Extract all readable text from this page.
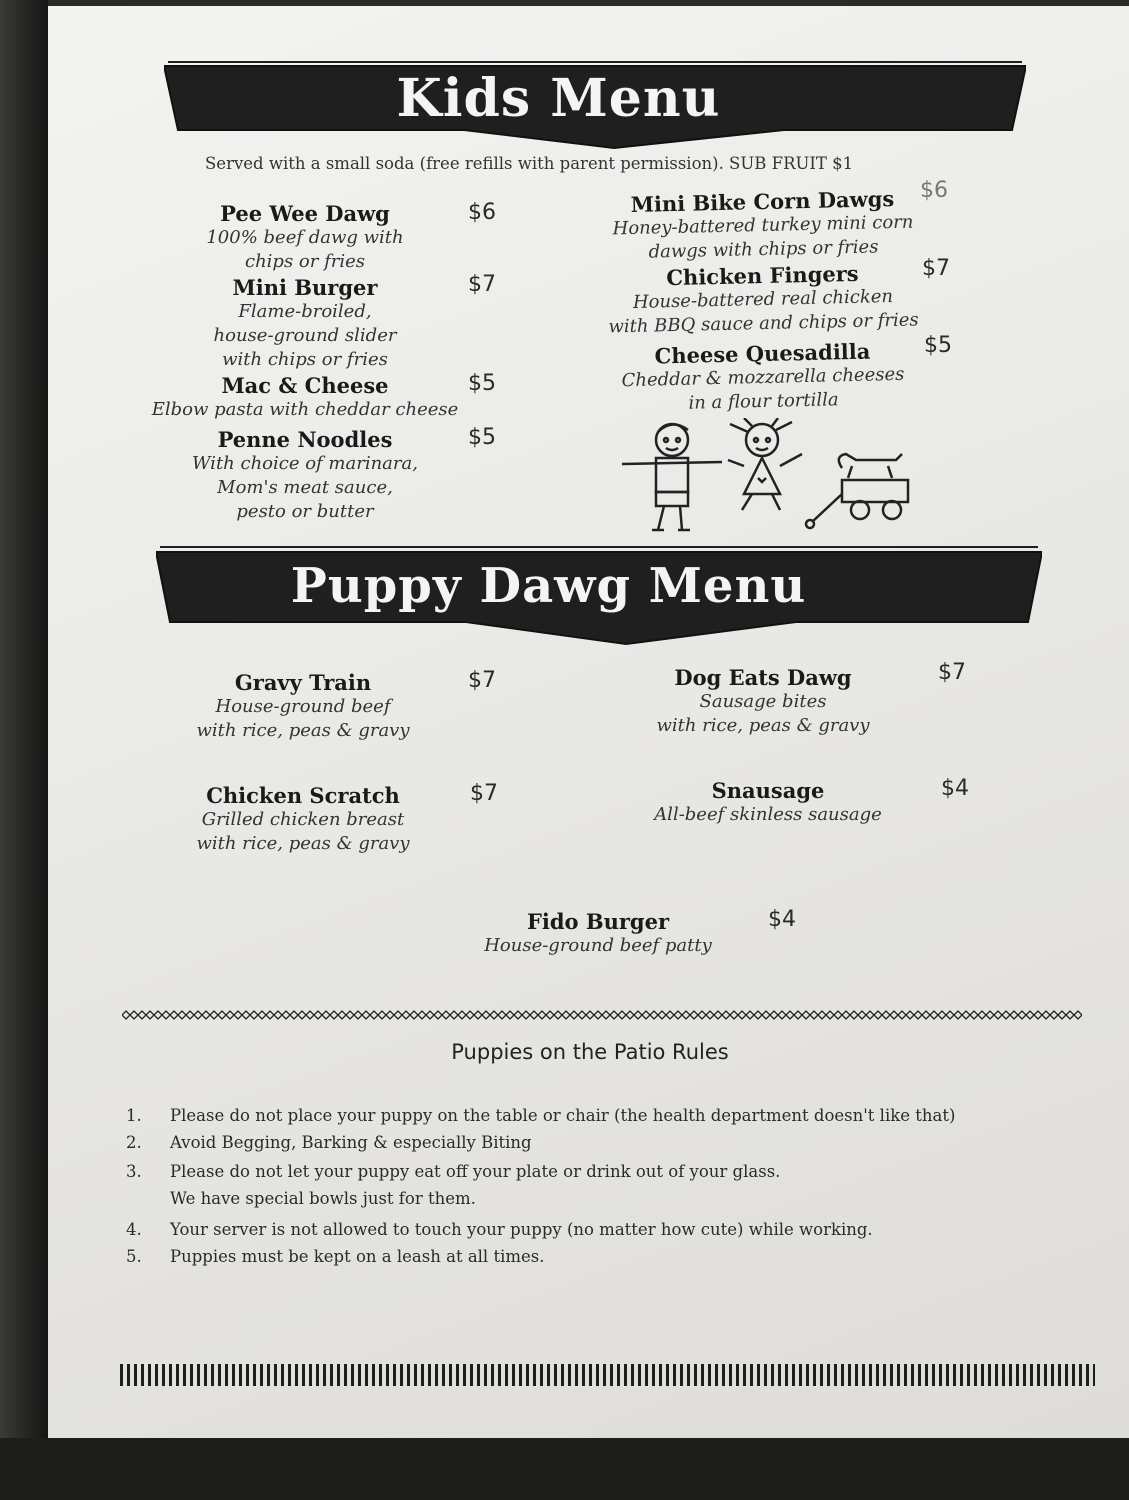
Kids Menu
Served with a small soda (free refills with parent permission). SUB FRUIT $1
Pee Wee Dawg
100% beef dawg with
chips or fries
$6
Mini Burger
Flame-broiled,
house-ground slider
with chips or fries
$7
Mac & Cheese
Elbow pasta with cheddar cheese
$5
Penne Noodles
With choice of marinara,
Mom's meat sauce,
pesto or butter
$5
Mini Bike Corn Dawgs
Honey-battered turkey mini corn
dawgs with chips or fries
$6
Chicken Fingers
House-battered real chicken
with BBQ sauce and chips or fries
$7
Cheese Quesadilla
Cheddar & mozzarella cheeses
in a flour tortilla
$5
Puppy Dawg Menu
Gravy Train
House-ground beef
with rice, peas & gravy
$7	Dog Eats Dawg
Sausage bites
with rice, peas & gravy
$7
Chicken Scratch
Grilled chicken breast
with rice, peas & gravy
$7	Snausage
All-beef skinless sausage
$4
Fido Burger
House-ground beef patty
$4
Puppies on the Patio Rules
1. Please do not place your puppy on the table or chair (the health department doesn't like that)
2. Avoid Begging, Barking & especially Biting
3. Please do not let your puppy eat off your plate or drink out of your glass.
We have special bowls just for them.
4. Your server is not allowed to touch your puppy (no matter how cute) while working.
5. Puppies must be kept on a leash at all times.
